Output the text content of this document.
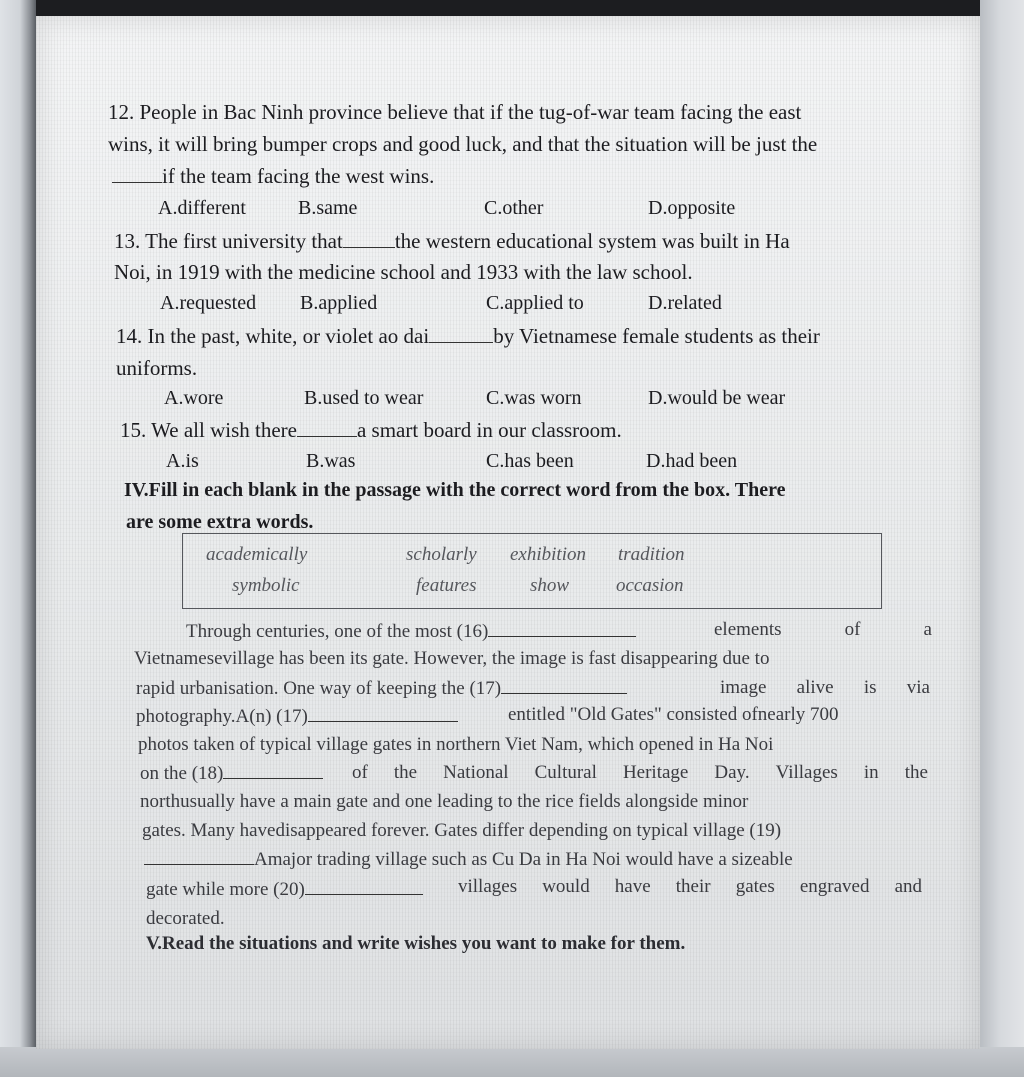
12. People in Bac Ninh province believe that if the tug-of-war team facing the east
wins, it will bring bumper crops and good luck, and that the situation will be just the
if the team facing the west wins.
A.different	B.same	C.other	D.opposite
13. The first university that the western educational system was built in Ha
Noi, in 1919 with the medicine school and 1933 with the law school.
A.requested B.applied	C.applied to	D.related
14. In the past, white, or violet ao dai	by Vietnamese female students as their
uniforms.
A.wore	B.used to wear	C.was worn	D.would be wear
15. We all wish there	a smart board in our classroom.
A.is	B.was	C.has been	D.had been
IV.Fill in each blank in the passage with the correct word from the box. There
are some extra words.
academically	scholarly exhibition tradition
symbolic	features	show occasion
Through centuries, one of the most (16)	elements	of	a
Vietnamesevillage has been its gate. However, the image is fast disappearing due to
rapid urbanisation. One way of keeping the (17)	image alive is via
photography.A(n) (17)	entitled "Old Gates" consisted ofnearly 700
photos taken of typical village gates in northern Viet Nam, which opened in Ha Noi
on the (18)	of the National Cultural Heritage Day. Villages in the
northusually have a main gate and one leading to the rice fields alongside minor
gates. Many havedisappeared forever. Gates differ depending on typical village (19)
Amajor trading village such as Cu Da in Ha Noi would have a sizeable
gate while more (20)	villages would have their gates engraved and
decorated.
V.Read the situations and write wishes you want to make for them.
